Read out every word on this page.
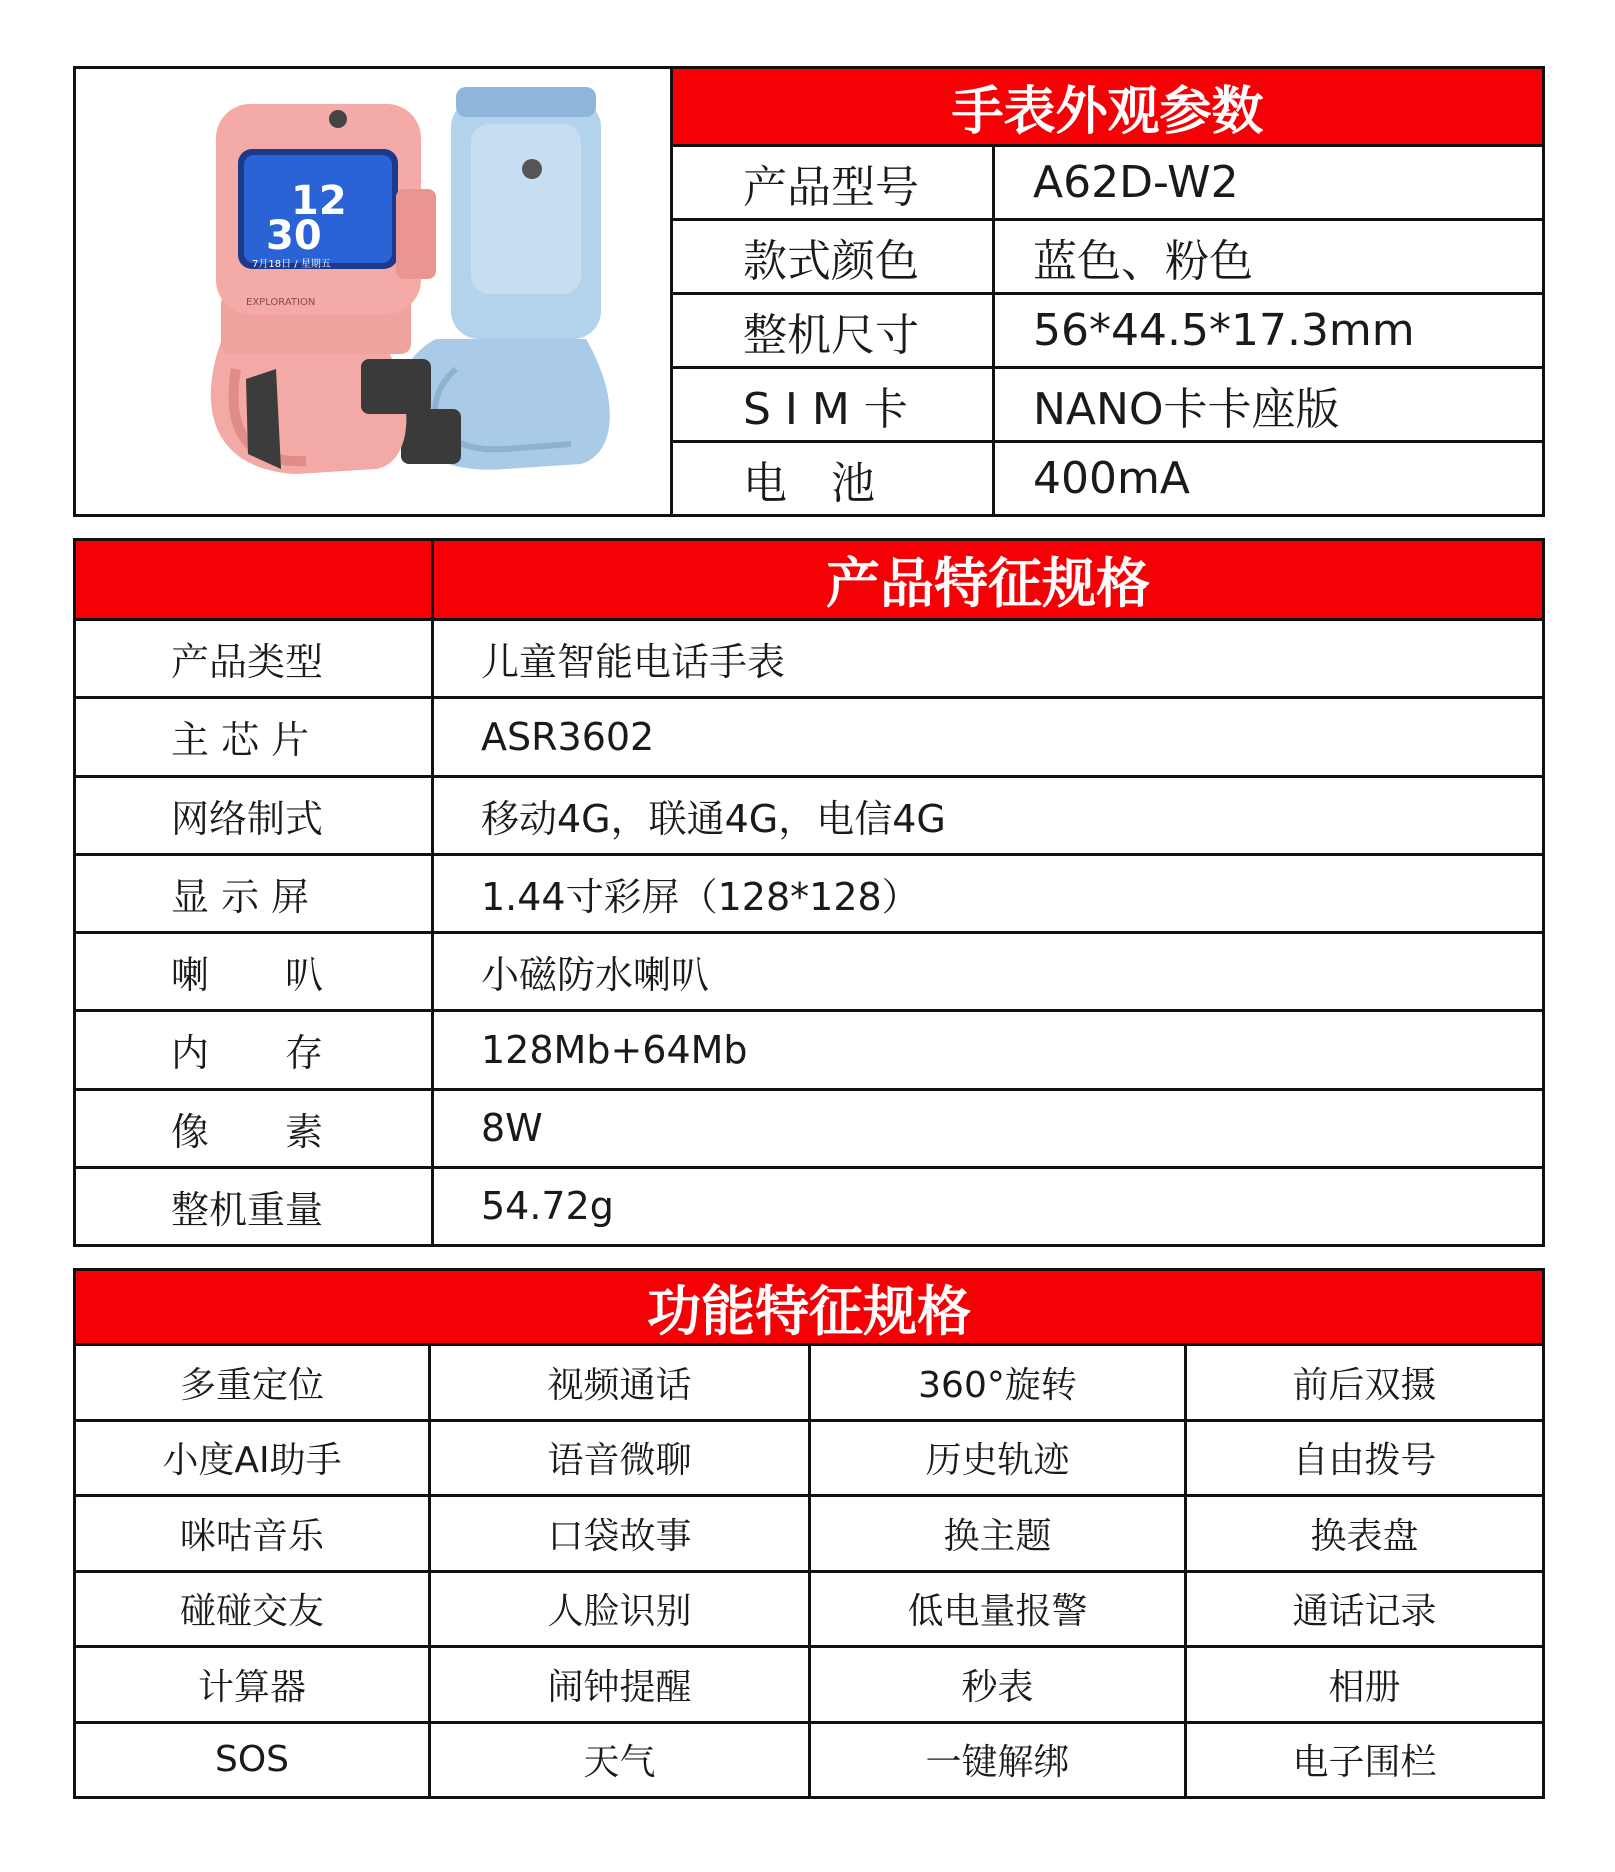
12
30
7月18日 / 星期五
EXPLORATION
手表外观参数
产品型号	A62D-W2
款式颜色	蓝色、粉色
整机尺寸	56*44.5*17.3mm
SIM卡	NANO卡卡座版
电　池	400mA
产品特征规格
产品类型	儿童智能电话手表
主 芯 片	ASR3602
网络制式	移动4G，联通4G，电信4G
显 示 屏	1.44寸彩屏（128*128）
喇　　叭	小磁防水喇叭
内　　存	128Mb+64Mb
像　　素	8W
整机重量	54.72g
功能特征规格
多重定位	视频通话	360°旋转	前后双摄
小度AI助手	语音微聊	历史轨迹	自由拨号
咪咕音乐	口袋故事	换主题	换表盘
碰碰交友	人脸识别	低电量报警	通话记录
计算器	闹钟提醒	秒表	相册
SOS	天气	一键解绑	电子围栏
